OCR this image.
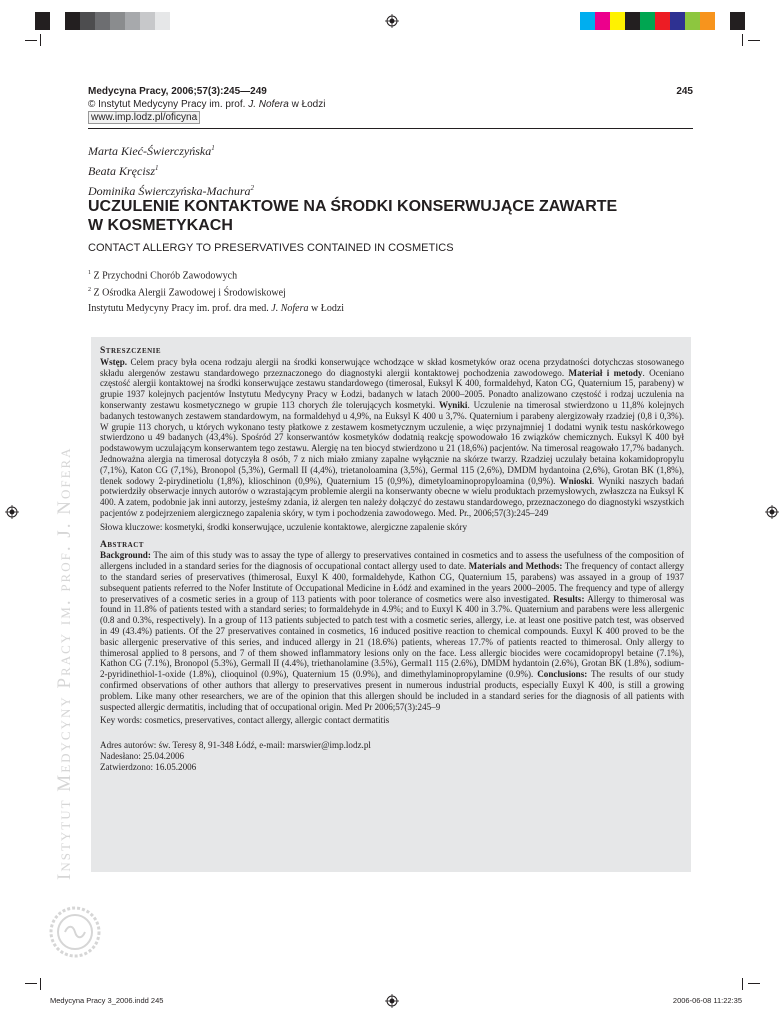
Medycyna Pracy, 2006;57(3):245—249
© Instytut Medycyny Pracy im. prof. J. Nofera w Łodzi
www.imp.lodz.pl/oficyna
245
Marta Kieć-Świerczyńska$^1$
Beata Kręcisz$^1$
Dominika Świerczyńska-Machura$^2$
UCZULENIE KONTAKTOWE NA ŚRODKI KONSERWUJĄCE ZAWARTE
W KOSMETYKACH
CONTACT ALLERGY TO PRESERVATIVES CONTAINED IN COSMETICS
$^1$ Z Przychodni Chorób Zawodowych
$^2$ Z Ośrodka Alergii Zawodowej i Środowiskowej
Instytutu Medycyny Pracy im. prof. dra med. J. Nofera w Łodzi
Streszczenie

Wstęp. Celem pracy była ocena rodzaju alergii na środki konserwujące wchodzące w skład kosmetyków oraz ocena przydatności dotychczas stosowanego składu alergenów zestawu standardowego przeznaczonego do diagnostyki alergii kontaktowej pochodzenia zawodowego. Materiał i metody. Oceniano częstość alergii kontaktowej na środki konserwujące zestawu standardowego (timerosal, Euksyl K 400, formaldehyd, Katon CG, Quaternium 15, parabeny) w grupie 1937 kolejnych pacjentów Instytutu Medycyny Pracy w Łodzi, badanych w latach 2000–2005. Ponadto analizowano częstość i rodzaj uczulenia na konserwanty zestawu kosmetycznego w grupie 113 chorych źle tolerujących kosmetyki. Wyniki. Uczulenie na timerosal stwierdzono u 11,8% kolejnych badanych testowanych zestawem standardowym, na formaldehyd u 4,9%, na Euksyl K 400 u 3,7%. Quaternium i parabeny alergizowały rzadziej (0,8 i 0,3%). W grupie 113 chorych, u których wykonano testy płatkowe z zestawem kosmetycznym uczulenie, a więc przynajmniej 1 dodatni wynik testu naskórkowego stwierdzono u 49 badanych (43,4%). Spośród 27 konserwantów kosmetyków dodatnią reakcję spowodowało 16 związków chemicznych. Euksyl K 400 był podstawowym uczulającym konserwantem tego zestawu. Alergię na ten biocyd stwierdzono u 21 (18,6%) pacjentów. Na timerosal reagowało 17,7% badanych. Jednoważna alergia na timerosal dotyczyła 8 osób, 7 z nich miało zmiany zapalne wyłącznie na skórze twarzy. Rzadziej uczulały betaina kokamidopropylu (7,1%), Katon CG (7,1%), Bronopol (5,3%), Germall II (4,4%), trietanoloamina (3,5%), Germal 115 (2,6%), DMDM hydantoina (2,6%), Grotan BK (1,8%), tlenek sodowy 2-pirydinetiolu (1,8%), klioschinon (0,9%), Quaternium 15 (0,9%), dimetyloaminopropyloamina (0,9%). Wnioski. Wyniki naszych badań potwierdziły obserwacje innych autorów o wzrastającym problemie alergii na konserwanty obecne w wielu produktach przemysłowych, zwłaszcza na Euksyl K 400. A zatem, podobnie jak inni autorzy, jesteśmy zdania, iż alergen ten należy dołączyć do zestawu standardowego, przeznaczonego do diagnostyki wszystkich pacjentów z podejrzeniem alergicznego zapalenia skóry, w tym i pochodzenia zawodowego. Med. Pr., 2006;57(3):245–249

Słowa kluczowe: kosmetyki, środki konserwujące, uczulenie kontaktowe, alergiczne zapalenie skóry

Abstract

Background: The aim of this study was to assay the type of allergy to preservatives contained in cosmetics and to assess the usefulness of the composition of allergens included in a standard series for the diagnosis of occupational contact allergy used to date. Materials and Methods: The frequency of contact allergy to the standard series of preservatives (thimerosal, Euxyl K 400, formaldehyde, Kathon CG, Quaternium 15, parabens) was assayed in a group of 1937 subsequent patients referred to the Nofer Institute of Occupational Medicine in Łódź and examined in the years 2000–2005. The frequency and type of allergy to preservatives of a cosmetic series in a group of 113 patients with poor tolerance of cosmetics were also investigated. Results: Allergy to thimerosal was found in 11.8% of patients tested with a standard series; to formaldehyde in 4.9%; and to Euxyl K 400 in 3.7%. Quaternium and parabens were less allergenic (0.8 and 0.3%, respectively). In a group of 113 patients subjected to patch test with a cosmetic series, allergy, i.e. at least one positive patch test, was observed in 49 (43.4%) patients. Of the 27 preservatives contained in cosmetics, 16 induced positive reaction to chemical compounds. Euxyl K 400 proved to be the basic allergenic preservative of this series, and induced allergy in 21 (18.6%) patients, whereas 17.7% of patients reacted to thimerosal. Only allergy to thimerosal applied to 8 persons, and 7 of them showed inflammatory lesions only on the face. Less allergic biocides were cocamidopropyl betaine (7.1%), Kathon CG (7.1%), Bronopol (5.3%), Germall II (4.4%), triethanolamine (3.5%), Germal1 115 (2.6%), DMDM hydantoin (2.6%), Grotan BK (1.8%), sodium-2-pyridinethiol-1-oxide (1.8%), clioquinol (0.9%), Quaternium 15 (0.9%), and dimethylaminopropylamine (0.9%). Conclusions: The results of our study confirmed observations of other authors that allergy to preservatives present in numerous industrial products, especially Euxyl K 400, is still a growing problem. Like many other researchers, we are of the opinion that this allergen should be included in a standard series for the diagnosis of all patients with suspected allergic dermatitis, including that of occupational origin. Med Pr 2006;57(3):245–9

Key words: cosmetics, preservatives, contact allergy, allergic contact dermatitis

Adres autorów: św. Teresy 8, 91-348 Łódź, e-mail: marswier@imp.lodz.pl

Nadesłano: 25.04.2006

Zatwierdzono: 16.05.2006

Instytut Medycyny Pracy im. prof. J. Nofera
Medycyna Pracy 3_2006.indd 245	2006-06-08 11:22:35
